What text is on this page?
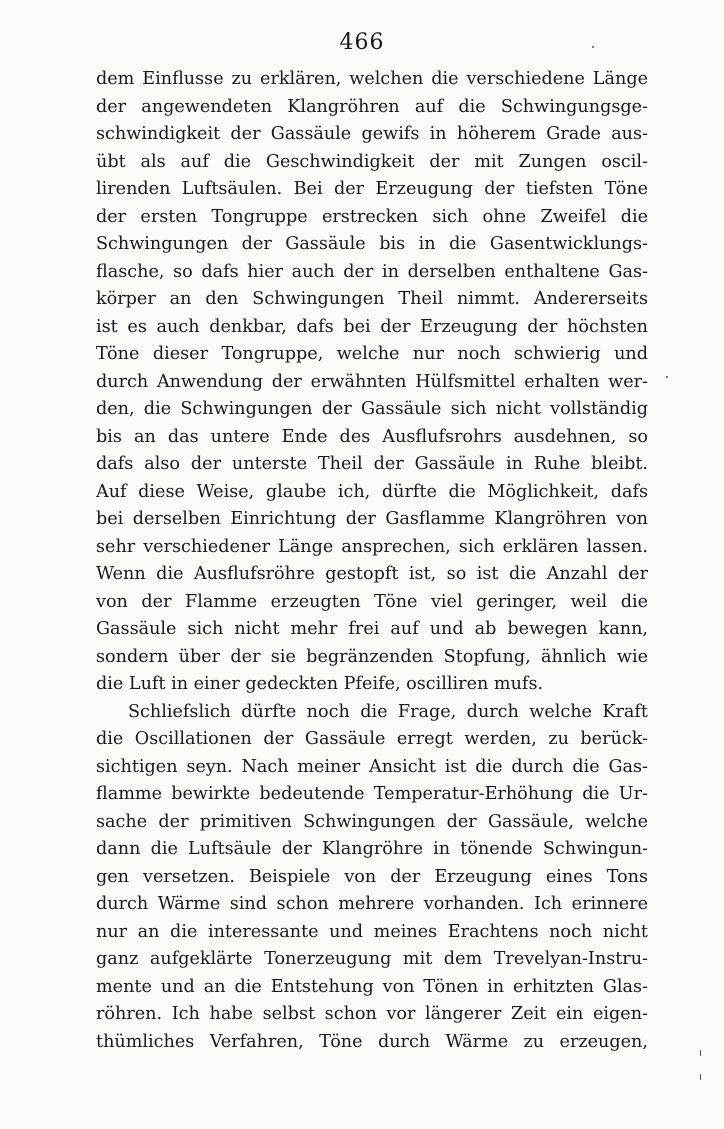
466
dem Einflusse zu erklären, welchen die verschiedene Länge
der angewendeten Klangröhren auf die Schwingungsge-
schwindigkeit der Gassäule gewifs in höherem Grade aus-
übt als auf die Geschwindigkeit der mit Zungen oscil-
lirenden Luftsäulen. Bei der Erzeugung der tiefsten Töne
der ersten Tongruppe erstrecken sich ohne Zweifel die
Schwingungen der Gassäule bis in die Gasentwicklungs-
flasche, so dafs hier auch der in derselben enthaltene Gas-
körper an den Schwingungen Theil nimmt. Andererseits
ist es auch denkbar, dafs bei der Erzeugung der höchsten
Töne dieser Tongruppe, welche nur noch schwierig und
durch Anwendung der erwähnten Hülfsmittel erhalten wer-
den, die Schwingungen der Gassäule sich nicht vollständig
bis an das untere Ende des Ausflufsrohrs ausdehnen, so
dafs also der unterste Theil der Gassäule in Ruhe bleibt.
Auf diese Weise, glaube ich, dürfte die Möglichkeit, dafs
bei derselben Einrichtung der Gasflamme Klangröhren von
sehr verschiedener Länge ansprechen, sich erklären lassen.
Wenn die Ausflufsröhre gestopft ist, so ist die Anzahl der
von der Flamme erzeugten Töne viel geringer, weil die
Gassäule sich nicht mehr frei auf und ab bewegen kann,
sondern über der sie begränzenden Stopfung, ähnlich wie
die Luft in einer gedeckten Pfeife, oscilliren mufs.
Schliefslich dürfte noch die Frage, durch welche Kraft
die Oscillationen der Gassäule erregt werden, zu berück-
sichtigen seyn. Nach meiner Ansicht ist die durch die Gas-
flamme bewirkte bedeutende Temperatur-Erhöhung die Ur-
sache der primitiven Schwingungen der Gassäule, welche
dann die Luftsäule der Klangröhre in tönende Schwingun-
gen versetzen. Beispiele von der Erzeugung eines Tons
durch Wärme sind schon mehrere vorhanden. Ich erinnere
nur an die interessante und meines Erachtens noch nicht
ganz aufgeklärte Tonerzeugung mit dem Trevelyan-Instru-
mente und an die Entstehung von Tönen in erhitzten Glas-
röhren. Ich habe selbst schon vor längerer Zeit ein eigen-
thümliches Verfahren, Töne durch Wärme zu erzeugen,
